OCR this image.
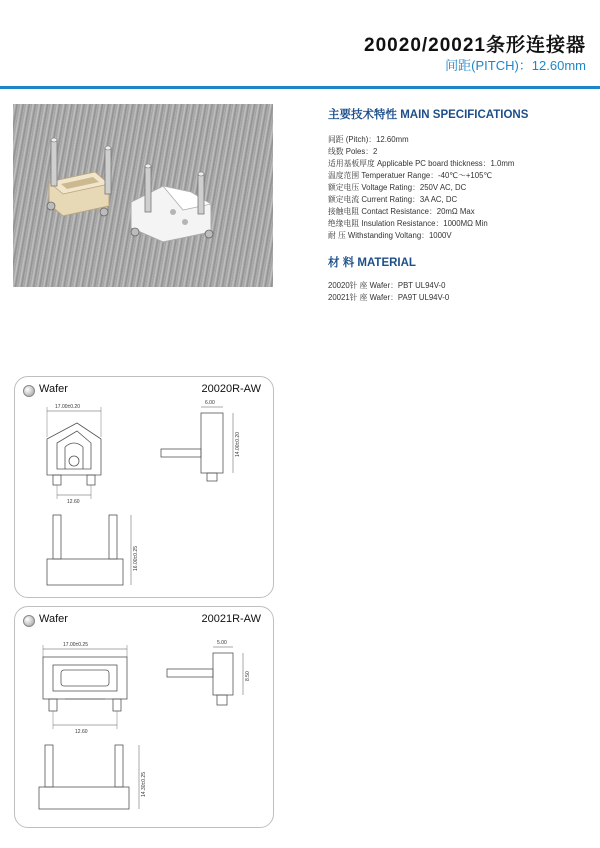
20020/20021条形连接器
间距(PITCH)：12.60mm
主要技术特性 MAIN SPECIFICATIONS
间距 (Pitch)：12.60mm
线数 Poles：2
适用基板厚度 Applicable PC board thickness：1.0mm
温度范围 Temperatuer Range：-40℃～+105℃
额定电压 Voltage Rating：250V AC, DC
额定电流 Current Rating：3A AC, DC
接触电阻 Contact Resistance：20mΩ Max
绝缘电阻 Insulation Resistance：1000MΩ Min
耐 压 Withstanding Voltang：1000V
材 料 MATERIAL
20020针 座 Wafer：PBT UL94V-0
20021针 座 Wafer：PA9T UL94V-0
17.00±0.20
12.60
6.00
14.00±0.20
16.00±0.25
Wafer	20020R-AW
17.00±0.25
12.60
5.00
8.50
14.30±0.25
Wafer	20021R-AW
